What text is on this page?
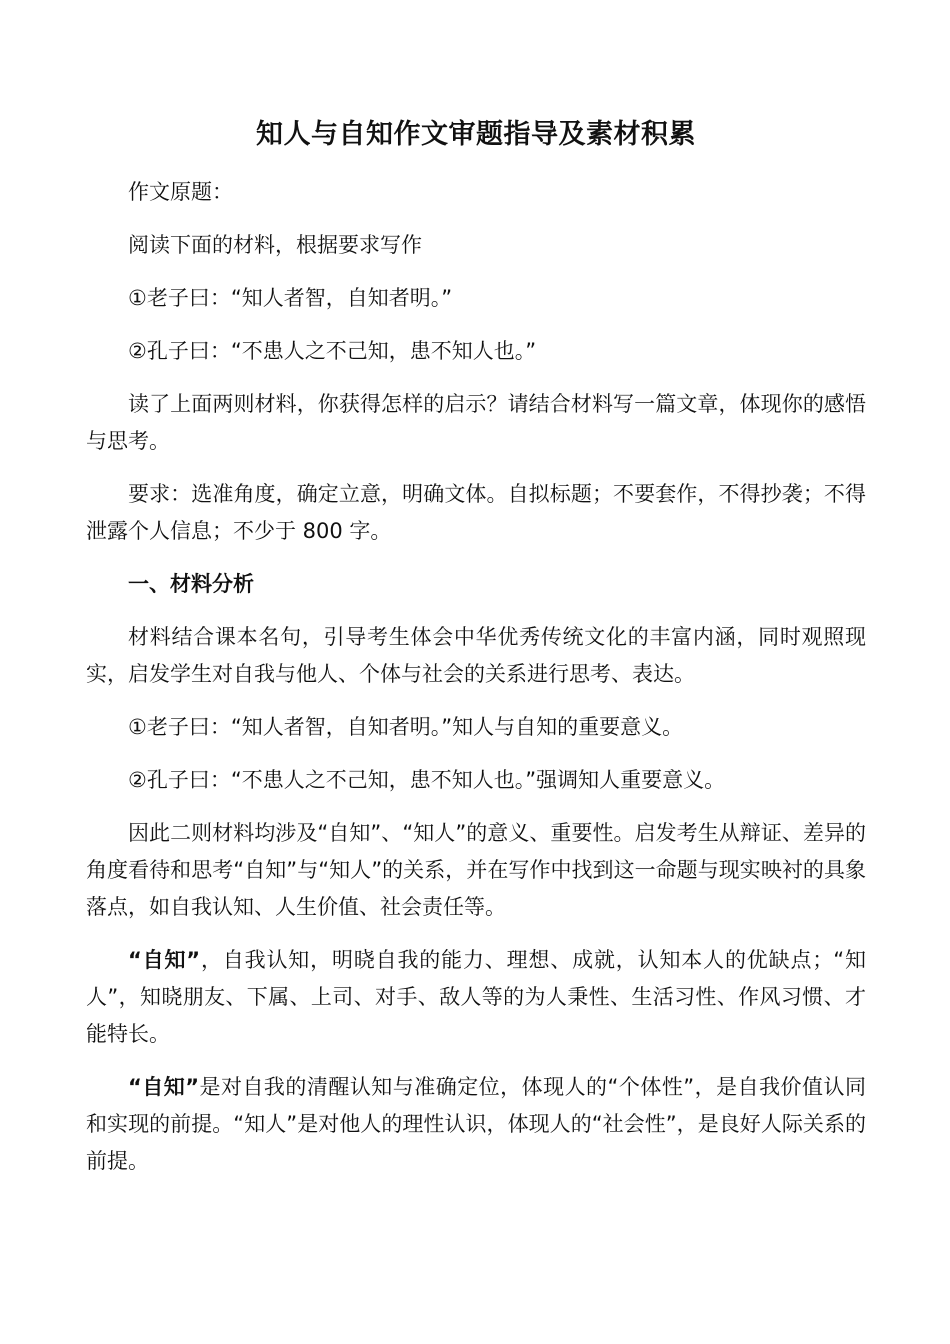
知人与自知作文审题指导及素材积累

作文原题：

阅读下面的材料，根据要求写作

①老子曰：“知人者智，自知者明。”

②孔子曰：“不患人之不己知，患不知人也。”

读了上面两则材料，你获得怎样的启示？请结合材料写一篇文章，体现你的感悟与思考。

要求：选准角度，确定立意，明确文体。自拟标题；不要套作，不得抄袭；不得泄露个人信息；不少于 800 字。

一、材料分析

材料结合课本名句，引导考生体会中华优秀传统文化的丰富内涵，同时观照现实，启发学生对自我与他人、个体与社会的关系进行思考、表达。

①老子曰：“知人者智，自知者明。”知人与自知的重要意义。

②孔子曰：“不患人之不己知，患不知人也。”强调知人重要意义。

因此二则材料均涉及“自知”、“知人”的意义、重要性。启发考生从辩证、差异的角度看待和思考“自知”与“知人”的关系，并在写作中找到这一命题与现实映衬的具象落点，如自我认知、人生价值、社会责任等。

“自知”，自我认知，明晓自我的能力、理想、成就，认知本人的优缺点；“知人”，知晓朋友、下属、上司、对手、敌人等的为人秉性、生活习性、作风习惯、才能特长。

“自知”是对自我的清醒认知与准确定位，体现人的“个体性”，是自我价值认同和实现的前提。“知人”是对他人的理性认识，体现人的“社会性”，是良好人际关系的前提。
